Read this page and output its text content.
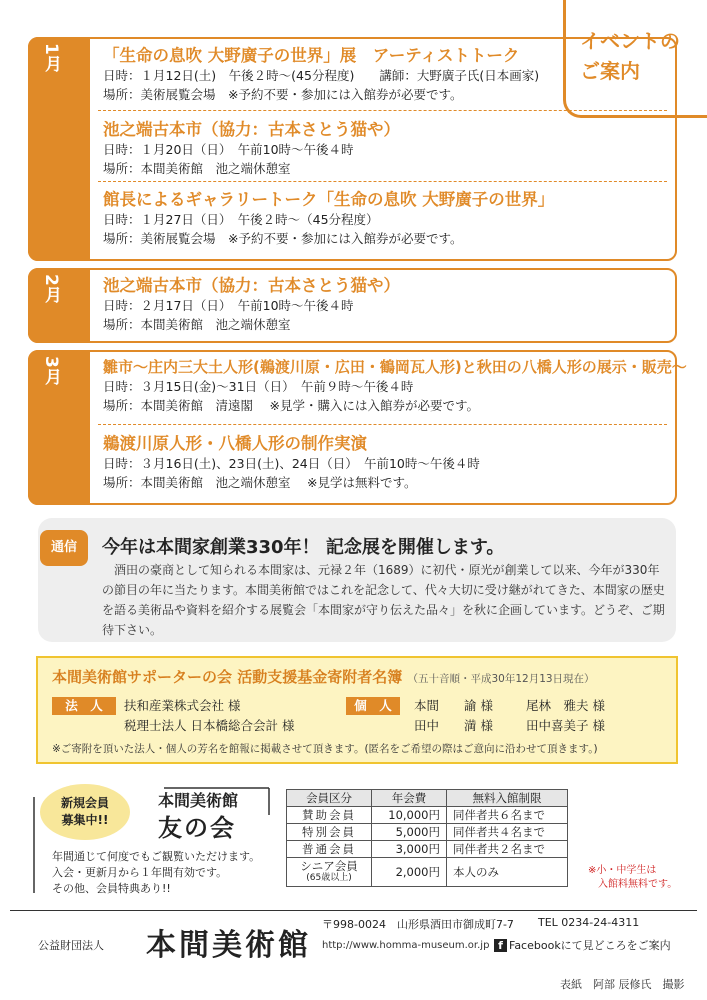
イベントの
ご案内
1月	「生命の息吹 大野廣子の世界」展　アーティストトーク
日時：１月12日(土)　午後２時〜(45分程度)　　講師：大野廣子氏(日本画家)
場所：美術展覧会場　※予約不要・参加には入館券が必要です。
池之端古本市（協力：古本さとう猫や）
日時：１月20日（日）　午前10時〜午後４時
場所：本間美術館　池之端休憩室
館長によるギャラリートーク「生命の息吹 大野廣子の世界」
日時：１月27日（日）　午後２時〜（45分程度）
場所：美術展覧会場　※予約不要・参加には入館券が必要です。
2月	池之端古本市（協力：古本さとう猫や）
日時：２月17日（日）　午前10時〜午後４時
場所：本間美術館　池之端休憩室
3月	雛市〜庄内三大土人形(鵜渡川原・広田・鶴岡瓦人形)と秋田の八橋人形の展示・販売〜
日時：３月15日(金)〜31日（日）　午前９時〜午後４時
場所：本間美術館　清遠閣　 ※見学・購入には入館券が必要です。
鵜渡川原人形・八橋人形の制作実演
日時：３月16日(土)、23日(土)、24日（日）　午前10時〜午後４時
場所：本間美術館　池之端休憩室　 ※見学は無料です。
通信	今年は本間家創業330年！ 記念展を開催します。
　酒田の豪商として知られる本間家は、元禄２年（1689）に初代・原光が創業して以来、今年が330年の節目の年に当たります。本間美術館ではこれを記念して、代々大切に受け継がれてきた、本間家の歴史を語る美術品や資料を紹介する展覧会「本間家が守り伝えた品々」を秋に企画しています。どうぞ、ご期待下さい。
本間美術館サポーターの会 活動支援基金寄附者名簿 （五十音順・平成30年12月13日現在）
法　人	扶和産業株式会社 様
税理士法人 日本橋総合会計 様
個　人	本間　　諭 様	尾林　雅夫 様
田中　　満 様	田中喜美子 様
※ご寄附を頂いた法人・個人の芳名を館報に掲載させて頂きます。(匿名をご希望の際はご意向に沿わせて頂きます。)
新規会員
募集中!!
本間美術館
友の会
年間通じて何度でもご観覧いただけます。
入会・更新月から１年間有効です。
その他、会員特典あり!!
会員区分	年会費	無料入館制限
賛助会員	10,000円	同伴者共６名まで
特別会員	5,000円	同伴者共４名まで
普通会員	3,000円	同伴者共２名まで

シニア会員
(65歳以上)	2,000円	本人のみ	※小・中学生は
入館料無料です。
公益財団法人 本間美術館
〒998-0024　山形県酒田市御成町7-7 TEL 0234-24-4311
http://www.homma-museum.or.jp f Facebookにて見どころをご案内
表紙　阿部 辰修氏　撮影
